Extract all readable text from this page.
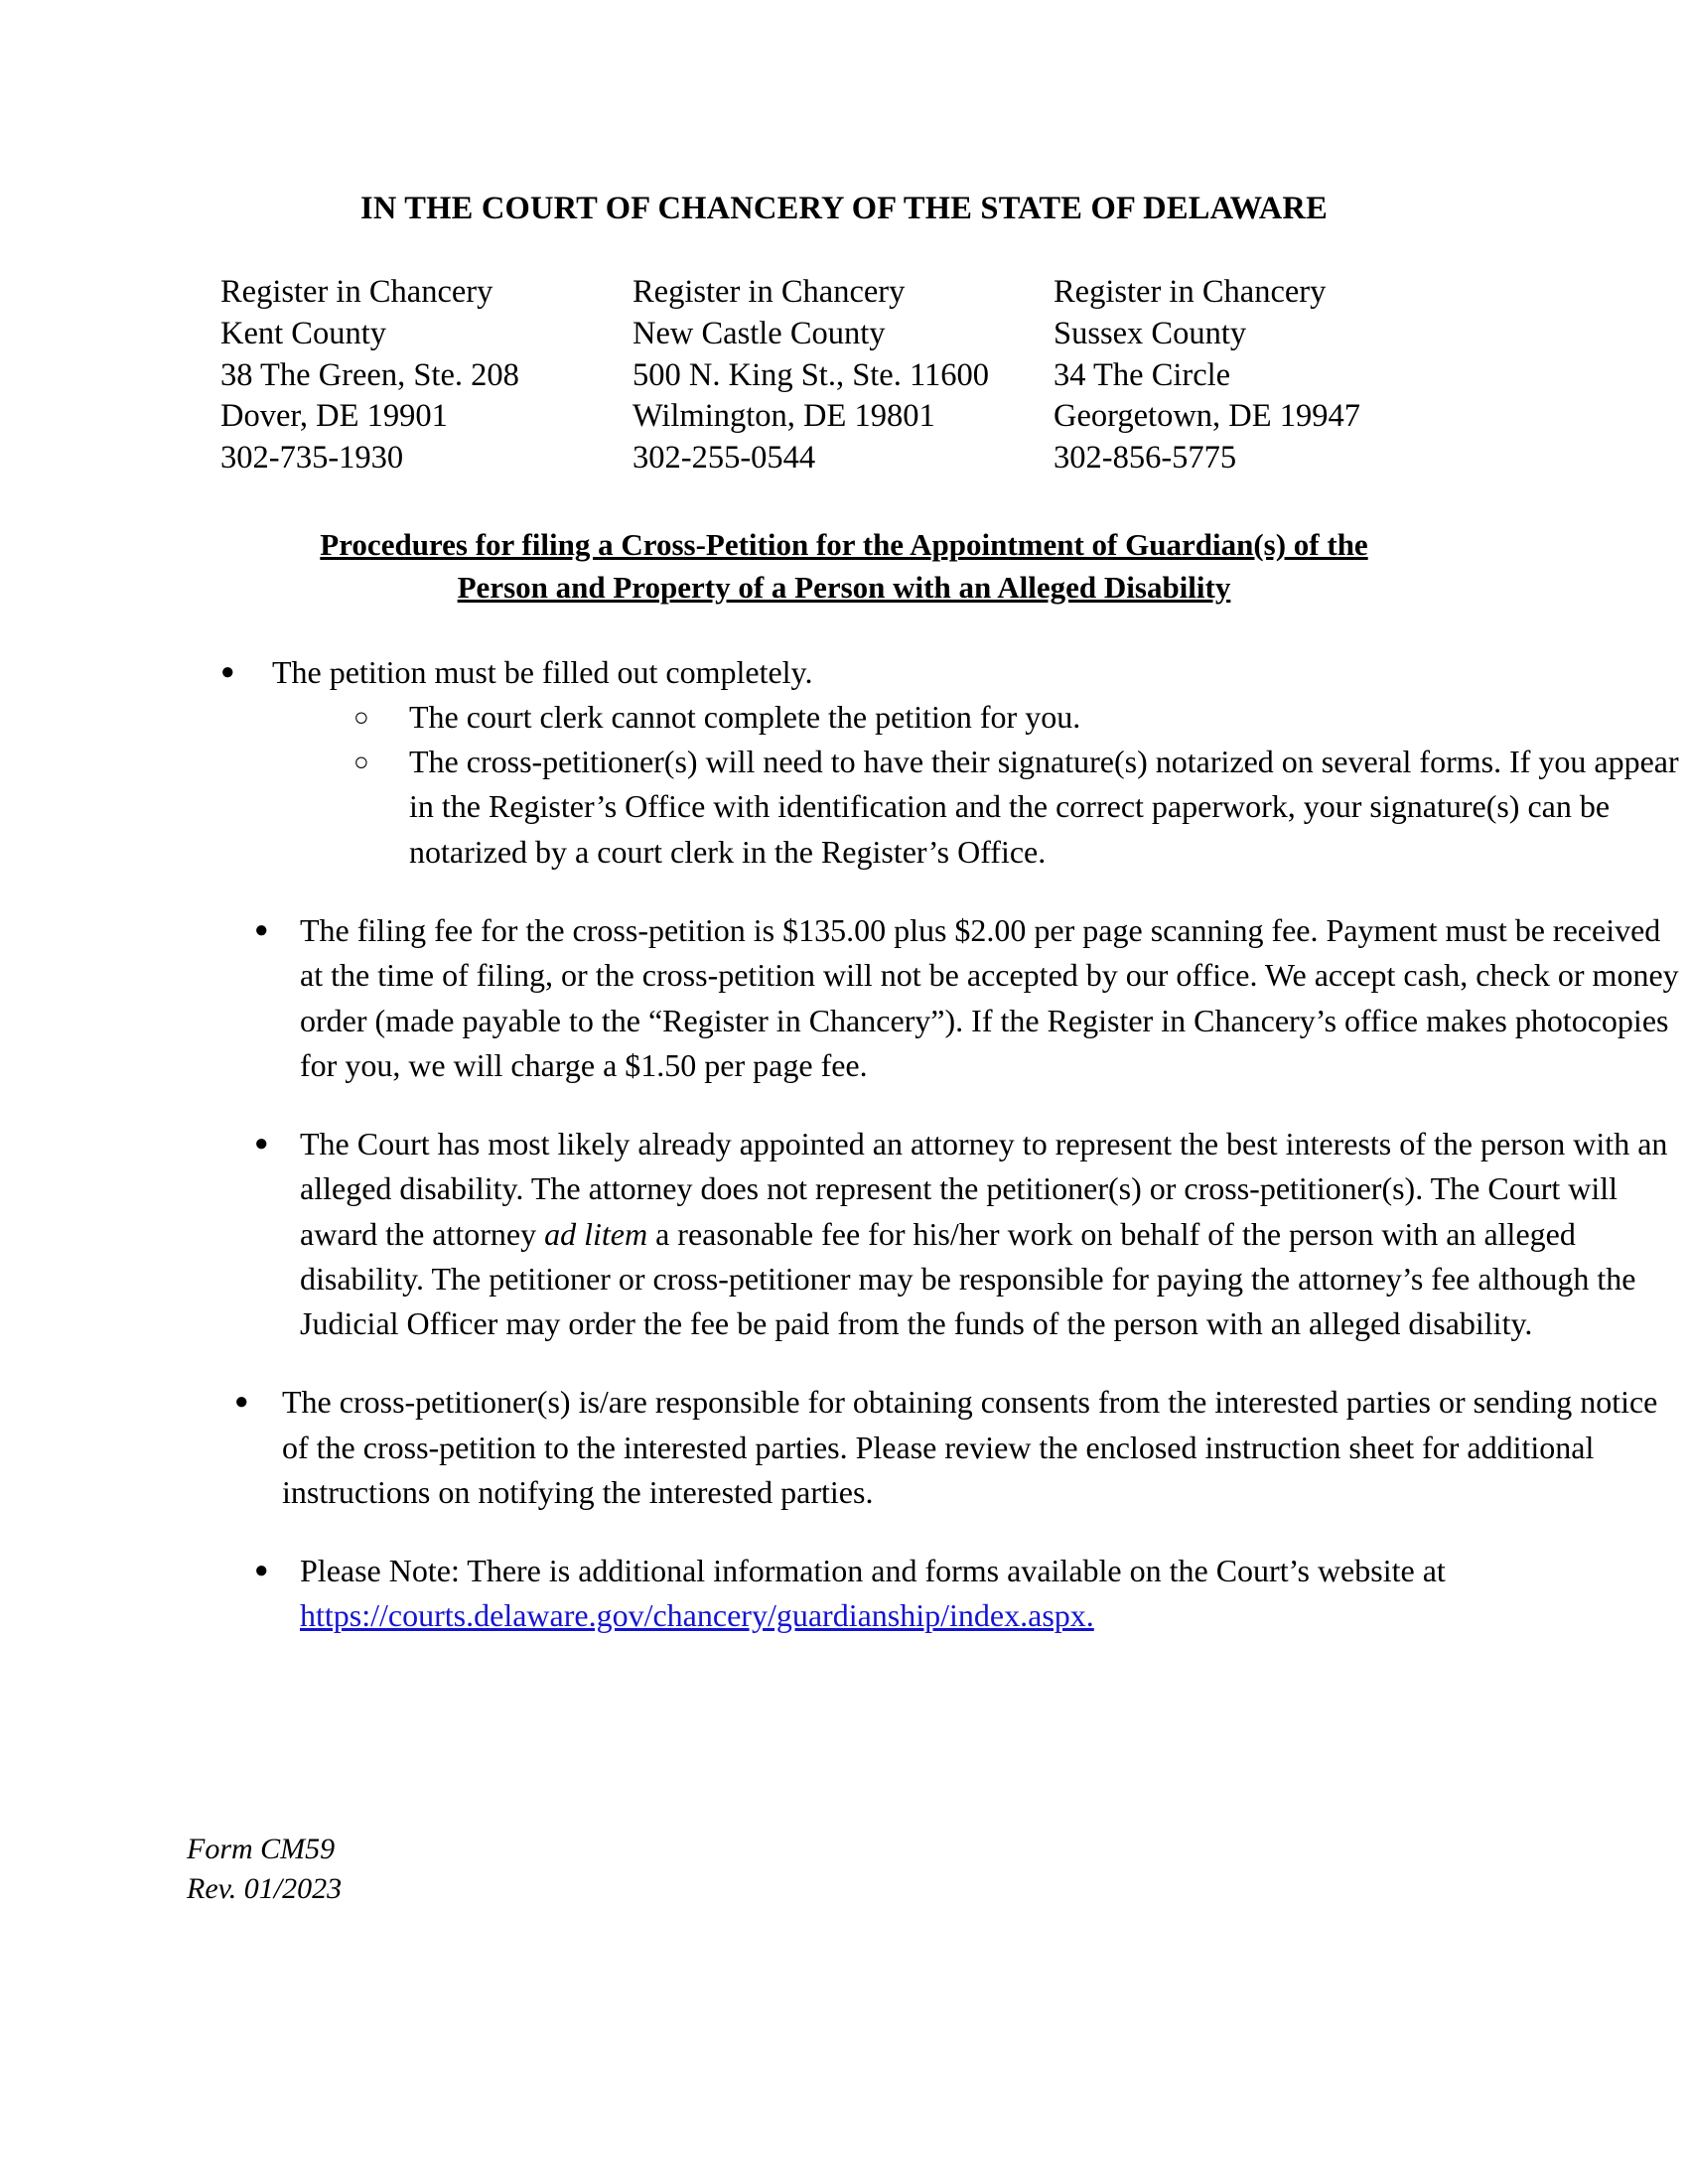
IN THE COURT OF CHANCERY OF THE STATE OF DELAWARE
Register in Chancery
Kent County
38 The Green, Ste. 208
Dover, DE 19901
302-735-1930
Register in Chancery
New Castle County
500 N. King St., Ste. 11600
Wilmington, DE 19801
302-255-0544
Register in Chancery
Sussex County
34 The Circle
Georgetown, DE 19947
302-856-5775
Procedures for filing a Cross-Petition for the Appointment of Guardian(s) of the
Person and Property of a Person with an Alleged Disability
●	The petition must be filled out completely.
○ The court clerk cannot complete the petition for you.
○ The cross-petitioner(s) will need to have their signature(s) notarized on several forms. If you appear in the Register’s Office with identification and the correct paperwork, your signature(s) can be notarized by a court clerk in the Register’s Office.
● The filing fee for the cross-petition is $135.00 plus $2.00 per page scanning fee. Payment must be received at the time of filing, or the cross-petition will not be accepted by our office. We accept cash, check or money order (made payable to the “Register in Chancery”). If the Register in Chancery’s office makes photocopies for you, we will charge a $1.50 per page fee.
● The Court has most likely already appointed an attorney to represent the best interests of the person with an alleged disability. The attorney does not represent the petitioner(s) or cross-petitioner(s). The Court will award the attorney ad litem a reasonable fee for his/her work on behalf of the person with an alleged disability. The petitioner or cross-petitioner may be responsible for paying the attorney’s fee although the Judicial Officer may order the fee be paid from the funds of the person with an alleged disability.
●	The cross-petitioner(s) is/are responsible for obtaining consents from the interested parties or sending notice of the cross-petition to the interested parties. Please review the enclosed instruction sheet for additional instructions on notifying the interested parties.
● Please Note: There is additional information and forms available on the Court’s website at https://courts.delaware.gov/chancery/guardianship/index.aspx.
Form CM59
Rev. 01/2023
